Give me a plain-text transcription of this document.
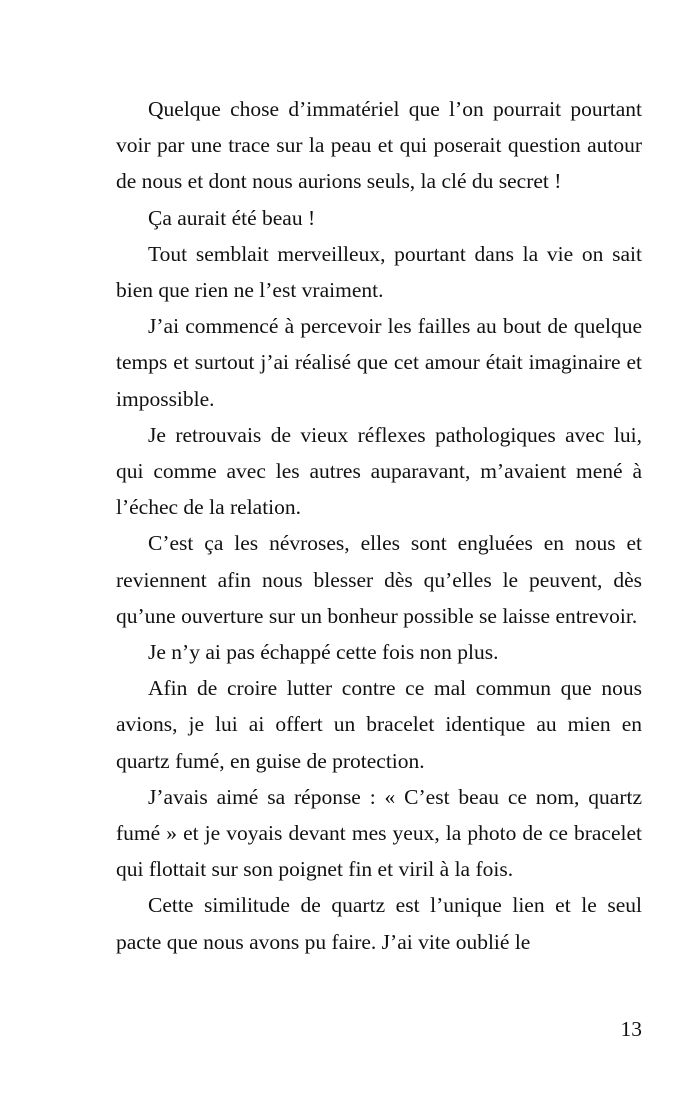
Quelque chose d’immatériel que l’on pourrait pourtant voir par une trace sur la peau et qui poserait question autour de nous et dont nous aurions seuls, la clé du secret !

Ça aurait été beau !

Tout semblait merveilleux, pourtant dans la vie on sait bien que rien ne l’est vraiment.

J’ai commencé à percevoir les failles au bout de quelque temps et surtout j’ai réalisé que cet amour était imaginaire et impossible.

Je retrouvais de vieux réflexes pathologiques avec lui, qui comme avec les autres auparavant, m’avaient mené à l’échec de la relation.

C’est ça les névroses, elles sont engluées en nous et reviennent afin nous blesser dès qu’elles le peuvent, dès qu’une ouverture sur un bonheur possible se laisse entrevoir.

Je n’y ai pas échappé cette fois non plus.

Afin de croire lutter contre ce mal commun que nous avions, je lui ai offert un bracelet identique au mien en quartz fumé, en guise de protection.

J’avais aimé sa réponse : « C’est beau ce nom, quartz fumé » et je voyais devant mes yeux, la photo de ce bracelet qui flottait sur son poignet fin et viril à la fois.

Cette similitude de quartz est l’unique lien et le seul pacte que nous avons pu faire. J’ai vite oublié le

13
